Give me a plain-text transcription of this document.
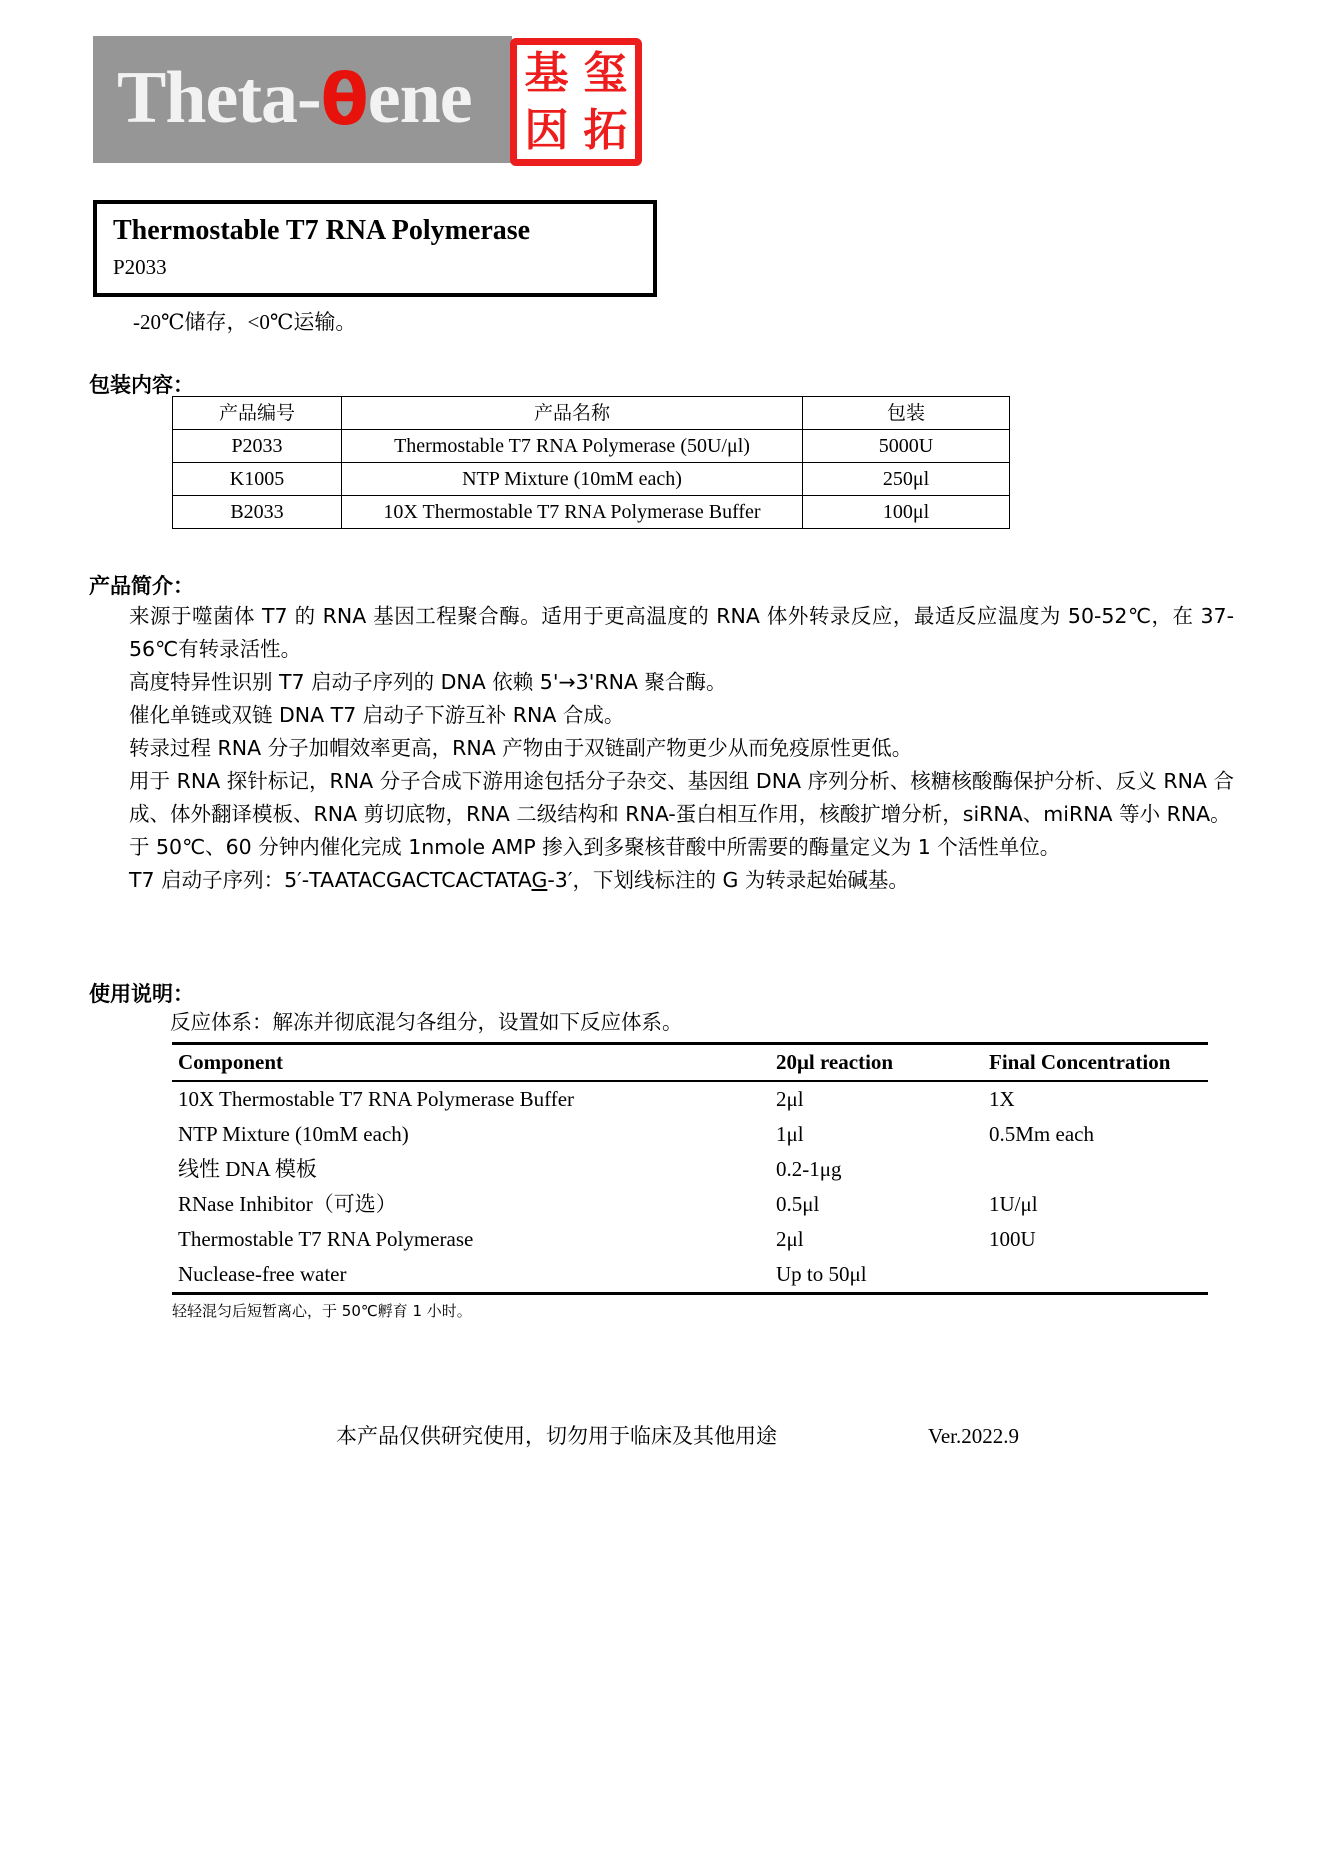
Theta-θene 基 玺
因 拓
Thermostable T7 RNA Polymerase
P2033
-20℃储存，<0℃运输。
包装内容：
产品编号	产品名称	包装
P2033	Thermostable T7 RNA Polymerase (50U/μl)	5000U
K1005	NTP Mixture (10mM each)	250μl
B2033	10X Thermostable T7 RNA Polymerase Buffer	100μl
产品简介：

来源于噬菌体 T7 的 RNA 基因工程聚合酶。适用于更高温度的 RNA 体外转录反应，最适反应温度为 50-52℃，在 37-56℃有转录活性。

高度特异性识别 T7 启动子序列的 DNA 依赖 5'→3'RNA 聚合酶。

催化单链或双链 DNA T7 启动子下游互补 RNA 合成。

转录过程 RNA 分子加帽效率更高，RNA 产物由于双链副产物更少从而免疫原性更低。

用于 RNA 探针标记，RNA 分子合成下游用途包括分子杂交、基因组 DNA 序列分析、核糖核酸酶保护分析、反义 RNA 合成、体外翻译模板、RNA 剪切底物，RNA 二级结构和 RNA-蛋白相互作用，核酸扩增分析，siRNA、miRNA 等小 RNA。

于 50℃、60 分钟内催化完成 1nmole AMP 掺入到多聚核苷酸中所需要的酶量定义为 1 个活性单位。

T7 启动子序列：5′-TAATACGACTCACTATAG-3′，下划线标注的 G 为转录起始碱基。

使用说明：
反应体系：解冻并彻底混匀各组分，设置如下反应体系。
Component	20μl reaction	Final Concentration
10X Thermostable T7 RNA Polymerase Buffer	2μl	1X
NTP Mixture (10mM each)	1μl	0.5Mm each
线性 DNA 模板	0.2-1μg	
RNase Inhibitor（可选）	0.5μl	1U/μl
Thermostable T7 RNA Polymerase	2μl	100U
Nuclease-free water	Up to 50μl	
轻轻混匀后短暂离心，于 50℃孵育 1 小时。
本产品仅供研究使用，切勿用于临床及其他用途	Ver.2022.9
